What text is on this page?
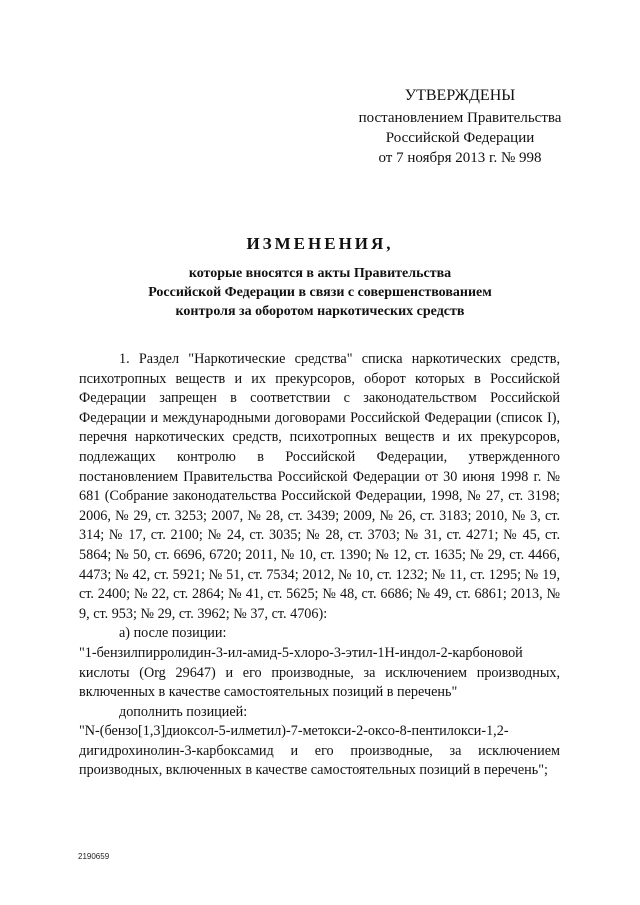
УТВЕРЖДЕНЫ
постановлением Правительства
Российской Федерации
от 7 ноября 2013 г. № 998
ИЗМЕНЕНИЯ,
которые вносятся в акты Правительства
Российской Федерации в связи с совершенствованием
контроля за оборотом наркотических средств

1. Раздел "Наркотические средства" списка наркотических средств, психотропных веществ и их прекурсоров, оборот которых в Российской Федерации запрещен в соответствии с законодательством Российской Федерации и международными договорами Российской Федерации (список I), перечня наркотических средств, психотропных веществ и их прекурсоров, подлежащих контролю в Российской Федерации, утвержденного постановлением Правительства Российской Федерации от 30 июня 1998 г. № 681 (Собрание законодательства Российской Федерации, 1998, № 27, ст. 3198; 2006, № 29, ст. 3253; 2007, № 28, ст. 3439; 2009, № 26, ст. 3183; 2010, № 3, ст. 314; № 17, ст. 2100; № 24, ст. 3035; № 28, ст. 3703; № 31, ст. 4271; № 45, ст. 5864; № 50, ст. 6696, 6720; 2011, № 10, ст. 1390; № 12, ст. 1635; № 29, ст. 4466, 4473; № 42, ст. 5921; № 51, ст. 7534; 2012, № 10, ст. 1232; № 11, ст. 1295; № 19, ст. 2400; № 22, ст. 2864; № 41, ст. 5625; № 48, ст. 6686; № 49, ст. 6861; 2013, № 9, ст. 953; № 29, ст. 3962; № 37, ст. 4706):

а) после позиции:

"1-бензилпирролидин-3-ил-амид-5-хлоро-3-этил-1H-индол-2-карбоновой кислоты (Org 29647) и его производные, за исключением производных, включенных в качестве самостоятельных позиций в перечень"

дополнить позицией:

"N-(бензо[1,3]диоксол-5-илметил)-7-метокси-2-оксо-8-пентилокси-1,2-дигидрохинолин-3-карбоксамид и его производные, за исключением производных, включенных в качестве самостоятельных позиций в перечень";

2190659
